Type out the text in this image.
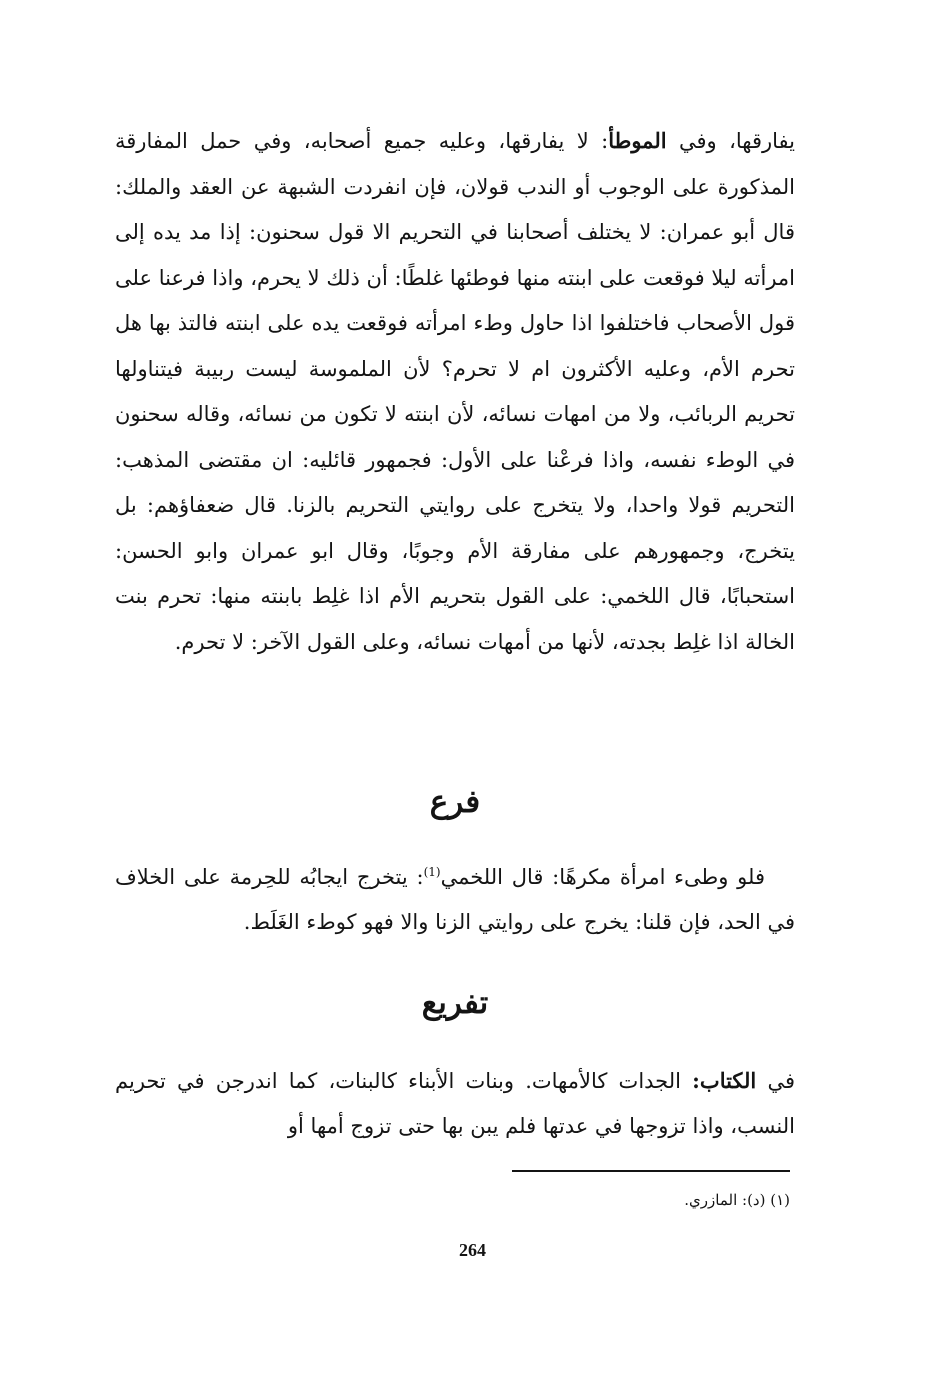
يفارقها، وفي الموطأ: لا يفارقها، وعليه جميع أصحابه، وفي حمل المفارقة المذكورة على الوجوب أو الندب قولان، فإن انفردت الشبهة عن العقد والملك: قال أبو عمران: لا يختلف أصحابنا في التحريم الا قول سحنون: إذا مد يده إلى امرأته ليلا فوقعت على ابنته منها فوطئها غلطًا: أن ذلك لا يحرم، واذا فرعنا على قول الأصحاب فاختلفوا اذا حاول وطء امرأته فوقعت يده على ابنته فالتذ بها هل تحرم الأم، وعليه الأكثرون ام لا تحرم؟ لأن الملموسة ليست ربيبة فيتناولها تحريم الربائب، ولا من امهات نسائه، لأن ابنته لا تكون من نسائه، وقاله سحنون في الوطء نفسه، واذا فرعْنا على الأول: فجمهور قائليه: ان مقتضى المذهب: التحريم قولا واحدا، ولا يتخرج على روايتي التحريم بالزنا. قال ضعفاؤهم: بل يتخرج، وجمهورهم على مفارقة الأم وجوبًا، وقال ابو عمران وابو الحسن: استحبابًا، قال اللخمي: على القول بتحريم الأم اذا غلِط بابنته منها: تحرم بنت الخالة اذا غلِط بجدته، لأنها من أمهات نسائه، وعلى القول الآخر: لا تحرم.

فرع

فلو وطىء امرأة مكرهًا: قال اللخمي$^{(1)}$: يتخرج ايجابُه للحِرمة على الخلاف في الحد، فإن قلنا: يخرج على روايتي الزنا والا فهو كوطء الغَلَط.

تفريع

في الكتاب: الجدات كالأمهات. وبنات الأبناء كالبنات، كما اندرجن في تحريم النسب، واذا تزوجها في عدتها فلم يبن بها حتى تزوج أمها أو

(١) (د): المازري.
264
